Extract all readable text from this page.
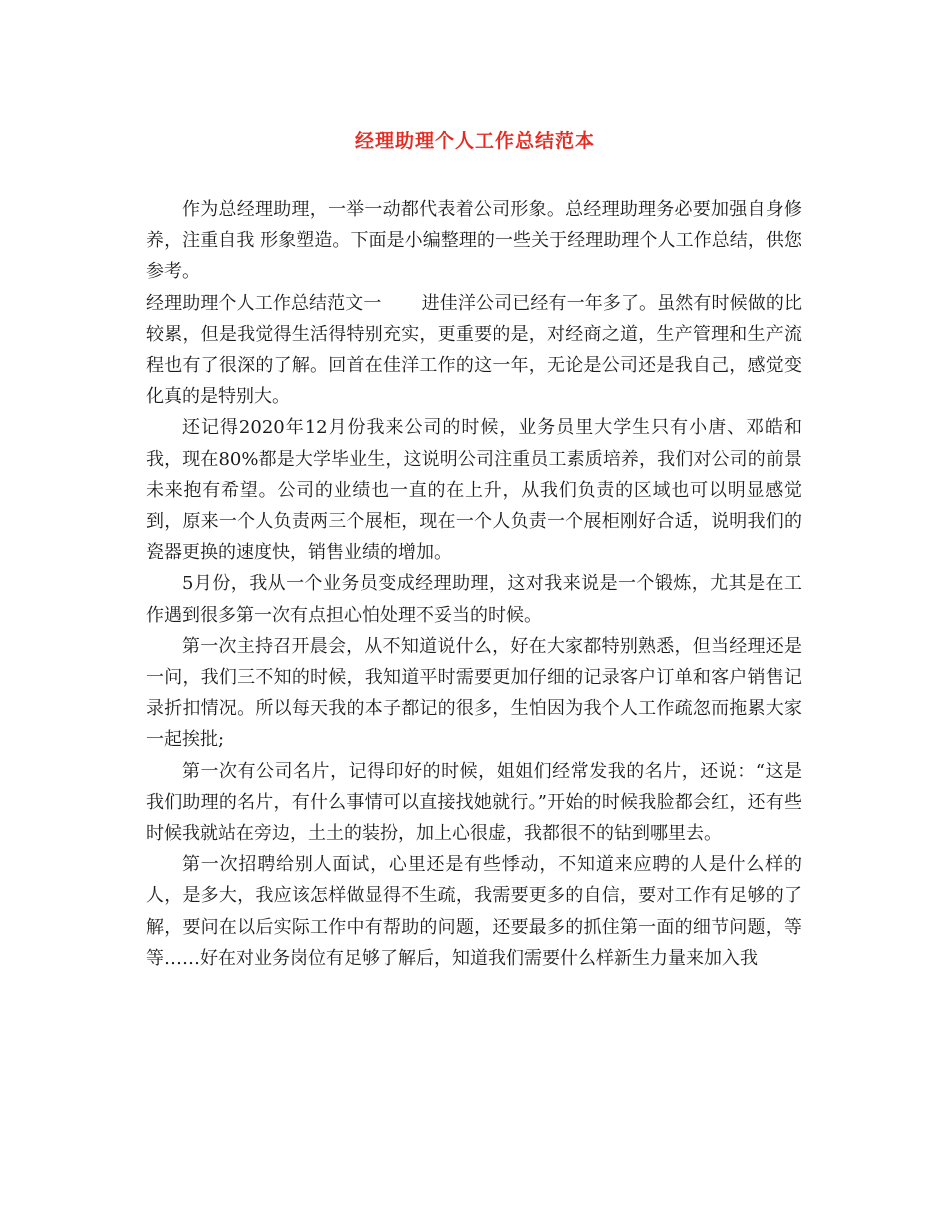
经理助理个人工作总结范本

作为总经理助理，一举一动都代表着公司形象。总经理助理务必要加强自身修养，注重自我 形象塑造。下面是小编整理的一些关于经理助理个人工作总结，供您参考。

经理助理个人工作总结范文一 进佳洋公司已经有一年多了。虽然有时候做的比较累，但是我觉得生活得特别充实，更重要的是，对经商之道，生产管理和生产流程也有了很深的了解。回首在佳洋工作的这一年，无论是公司还是我自己，感觉变化真的是特别大。

还记得2020年12月份我来公司的时候，业务员里大学生只有小唐、邓皓和我，现在80%都是大学毕业生，这说明公司注重员工素质培养，我们对公司的前景未来抱有希望。公司的业绩也一直的在上升，从我们负责的区域也可以明显感觉到，原来一个人负责两三个展柜，现在一个人负责一个展柜刚好合适，说明我们的瓷器更换的速度快，销售业绩的增加。

5月份，我从一个业务员变成经理助理，这对我来说是一个锻炼，尤其是在工作遇到很多第一次有点担心怕处理不妥当的时候。

第一次主持召开晨会，从不知道说什么，好在大家都特别熟悉，但当经理还是一问，我们三不知的时候，我知道平时需要更加仔细的记录客户订单和客户销售记录折扣情况。所以每天我的本子都记的很多，生怕因为我个人工作疏忽而拖累大家一起挨批;

第一次有公司名片，记得印好的时候，姐姐们经常发我的名片，还说：“这是我们助理的名片，有什么事情可以直接找她就行。”开始的时候我脸都会红，还有些时候我就站在旁边，土土的装扮，加上心很虚，我都很不的钻到哪里去。

第一次招聘给别人面试，心里还是有些悸动，不知道来应聘的人是什么样的人，是多大，我应该怎样做显得不生疏，我需要更多的自信，要对工作有足够的了解，要问在以后实际工作中有帮助的问题，还要最多的抓住第一面的细节问题，等等……好在对业务岗位有足够了解后，知道我们需要什么样新生力量来加入我
